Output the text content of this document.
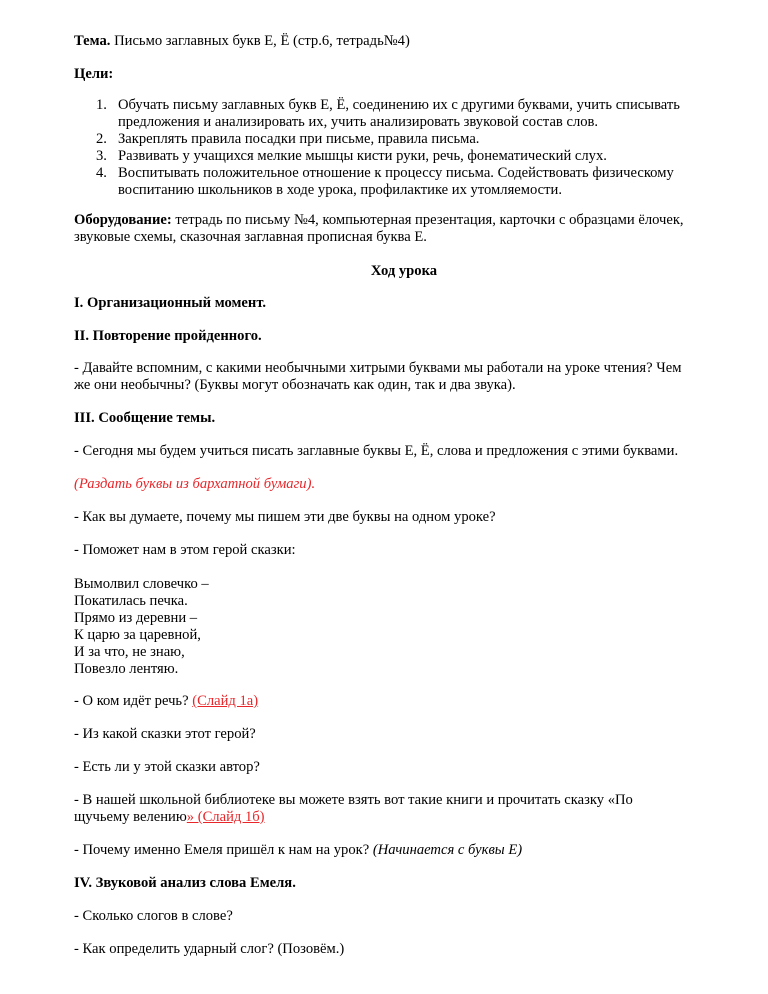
Тема. Письмо заглавных букв Е, Ё (стр.6, тетрадь№4)
Цели:
1. Обучать письму заглавных букв Е, Ё, соединению их с другими буквами, учить списывать
предложения и анализировать их, учить анализировать звуковой состав слов.
2. Закреплять правила посадки при письме, правила письма.
3. Развивать у учащихся мелкие мышцы кисти руки, речь, фонематический слух.
4. Воспитывать положительное отношение к процессу письма. Содействовать физическому
воспитанию школьников в ходе урока, профилактике их утомляемости.
Оборудование: тетрадь по письму №4, компьютерная презентация, карточки с образцами ёлочек,
звуковые схемы, сказочная заглавная прописная буква Е.
Ход урока
I. Организационный момент.
II. Повторение пройденного.
- Давайте вспомним, с какими необычными хитрыми буквами мы работали на уроке чтения? Чем
же они необычны? (Буквы могут обозначать как один, так и два звука).
III. Сообщение темы.
- Сегодня мы будем учиться писать заглавные буквы Е, Ё, слова и предложения с этими буквами.
(Раздать буквы из бархатной бумаги).
- Как вы думаете, почему мы пишем эти две буквы на одном уроке?
- Поможет нам в этом герой сказки:
Вымолвил словечко –
Покатилась печка.
Прямо из деревни –
К царю за царевной,
И за что, не знаю,
Повезло лентяю.
- О ком идёт речь? (Слайд 1а)
- Из какой сказки этот герой?
- Есть ли у этой сказки автор?
- В нашей школьной библиотеке вы можете взять вот такие книги и прочитать сказку «По
щучьему велению» (Слайд 1б)
- Почему именно Емеля пришёл к нам на урок? (Начинается с буквы Е)
IV. Звуковой анализ слова Емеля.
- Сколько слогов в слове?
- Как определить ударный слог? (Позовём.)
